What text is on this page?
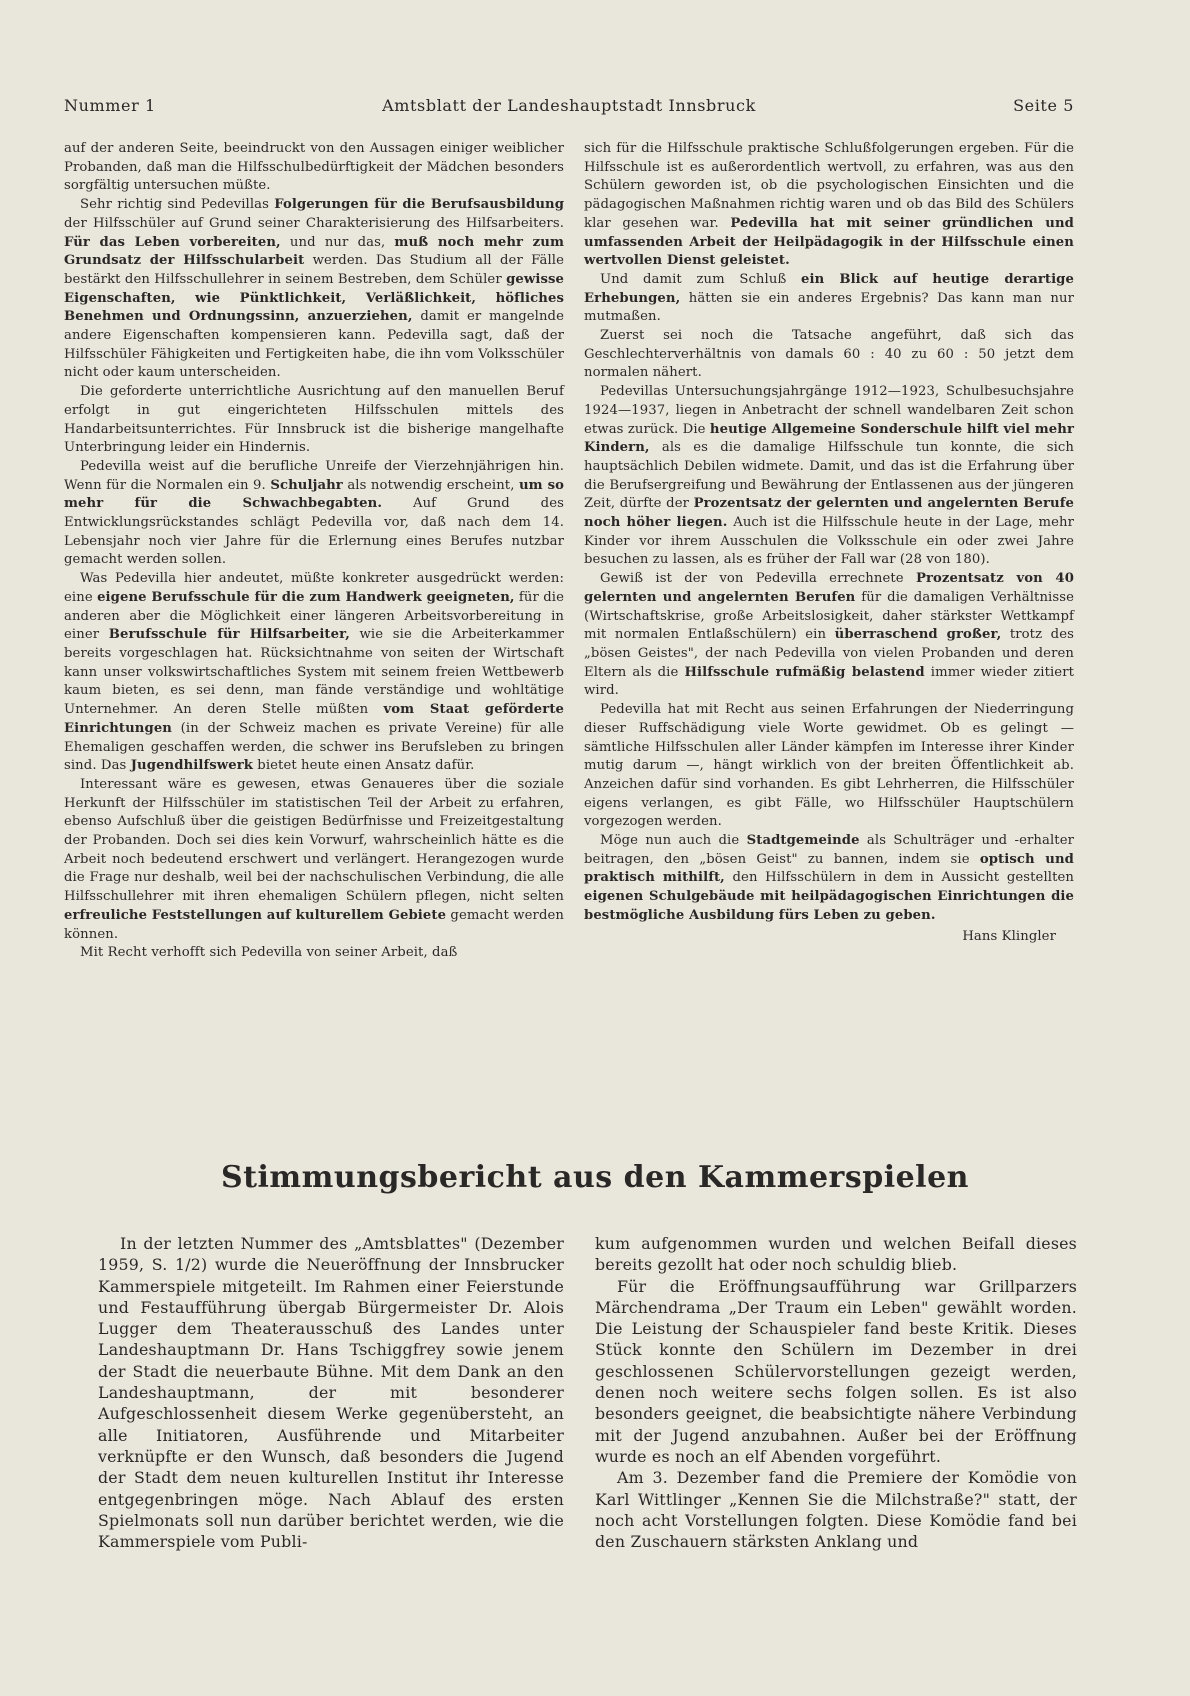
Nummer 1	Amtsblatt der Landeshauptstadt Innsbruck	Seite 5

auf der anderen Seite, beeindruckt von den Aussagen einiger weiblicher Probanden, daß man die Hilfsschulbedürftigkeit der Mädchen besonders sorgfältig untersuchen müßte.

Sehr richtig sind Pedevillas Folgerungen für die Berufsausbildung der Hilfsschüler auf Grund seiner Charakterisierung des Hilfsarbeiters. Für das Leben vorbereiten, und nur das, muß noch mehr zum Grundsatz der Hilfsschularbeit werden. Das Studium all der Fälle bestärkt den Hilfsschullehrer in seinem Bestreben, dem Schüler gewisse Eigenschaften, wie Pünktlichkeit, Verläßlichkeit, höfliches Benehmen und Ordnungssinn, anzuerziehen, damit er mangelnde andere Eigenschaften kompensieren kann. Pedevilla sagt, daß der Hilfsschüler Fähigkeiten und Fertigkeiten habe, die ihn vom Volksschüler nicht oder kaum unterscheiden.

Die geforderte unterrichtliche Ausrichtung auf den manuellen Beruf erfolgt in gut eingerichteten Hilfsschulen mittels des Handarbeitsunterrichtes. Für Innsbruck ist die bisherige mangelhafte Unterbringung leider ein Hindernis.

Pedevilla weist auf die berufliche Unreife der Vierzehnjährigen hin. Wenn für die Normalen ein 9. Schuljahr als notwendig erscheint, um so mehr für die Schwachbegabten. Auf Grund des Entwicklungsrückstandes schlägt Pedevilla vor, daß nach dem 14. Lebensjahr noch vier Jahre für die Erlernung eines Berufes nutzbar gemacht werden sollen.

Was Pedevilla hier andeutet, müßte konkreter ausgedrückt werden: eine eigene Berufsschule für die zum Handwerk geeigneten, für die anderen aber die Möglichkeit einer längeren Arbeitsvorbereitung in einer Berufsschule für Hilfsarbeiter, wie sie die Arbeiterkammer bereits vorgeschlagen hat. Rücksichtnahme von seiten der Wirtschaft kann unser volkswirtschaftliches System mit seinem freien Wettbewerb kaum bieten, es sei denn, man fände verständige und wohltätige Unternehmer. An deren Stelle müßten vom Staat geförderte Einrichtungen (in der Schweiz machen es private Vereine) für alle Ehemaligen geschaffen werden, die schwer ins Berufsleben zu bringen sind. Das Jugendhilfswerk bietet heute einen Ansatz dafür.

Interessant wäre es gewesen, etwas Genaueres über die soziale Herkunft der Hilfsschüler im statistischen Teil der Arbeit zu erfahren, ebenso Aufschluß über die geistigen Bedürfnisse und Freizeitgestaltung der Probanden. Doch sei dies kein Vorwurf, wahrscheinlich hätte es die Arbeit noch bedeutend erschwert und verlängert. Herangezogen wurde die Frage nur deshalb, weil bei der nachschulischen Verbindung, die alle Hilfsschullehrer mit ihren ehemaligen Schülern pflegen, nicht selten erfreuliche Feststellungen auf kulturellem Gebiete gemacht werden können.

Mit Recht verhofft sich Pedevilla von seiner Arbeit, daß

sich für die Hilfsschule praktische Schlußfolgerungen ergeben. Für die Hilfsschule ist es außerordentlich wertvoll, zu erfahren, was aus den Schülern geworden ist, ob die psychologischen Einsichten und die pädagogischen Maßnahmen richtig waren und ob das Bild des Schülers klar gesehen war. Pedevilla hat mit seiner gründlichen und umfassenden Arbeit der Heilpädagogik in der Hilfsschule einen wertvollen Dienst geleistet.

Und damit zum Schluß ein Blick auf heutige derartige Erhebungen, hätten sie ein anderes Ergebnis? Das kann man nur mutmaßen.

Zuerst sei noch die Tatsache angeführt, daß sich das Geschlechterverhältnis von damals 60 : 40 zu 60 : 50 jetzt dem normalen nähert.

Pedevillas Untersuchungsjahrgänge 1912—1923, Schulbesuchsjahre 1924—1937, liegen in Anbetracht der schnell wandelbaren Zeit schon etwas zurück. Die heutige Allgemeine Sonderschule hilft viel mehr Kindern, als es die damalige Hilfsschule tun konnte, die sich hauptsächlich Debilen widmete. Damit, und das ist die Erfahrung über die Berufsergreifung und Bewährung der Entlassenen aus der jüngeren Zeit, dürfte der Prozentsatz der gelernten und angelernten Berufe noch höher liegen. Auch ist die Hilfsschule heute in der Lage, mehr Kinder vor ihrem Ausschulen die Volksschule ein oder zwei Jahre besuchen zu lassen, als es früher der Fall war (28 von 180).

Gewiß ist der von Pedevilla errechnete Prozentsatz von 40 gelernten und angelernten Berufen für die damaligen Verhältnisse (Wirtschaftskrise, große Arbeitslosigkeit, daher stärkster Wettkampf mit normalen Entlaßschülern) ein überraschend großer, trotz des „bösen Geistes", der nach Pedevilla von vielen Probanden und deren Eltern als die Hilfsschule rufmäßig belastend immer wieder zitiert wird.

Pedevilla hat mit Recht aus seinen Erfahrungen der Niederringung dieser Ruffschädigung viele Worte gewidmet. Ob es gelingt — sämtliche Hilfsschulen aller Länder kämpfen im Interesse ihrer Kinder mutig darum —, hängt wirklich von der breiten Öffentlichkeit ab. Anzeichen dafür sind vorhanden. Es gibt Lehrherren, die Hilfsschüler eigens verlangen, es gibt Fälle, wo Hilfsschüler Hauptschülern vorgezogen werden.

Möge nun auch die Stadtgemeinde als Schulträger und -erhalter beitragen, den „bösen Geist" zu bannen, indem sie optisch und praktisch mithilft, den Hilfsschülern in dem in Aussicht gestellten eigenen Schulgebäude mit heilpädagogischen Einrichtungen die bestmögliche Ausbildung fürs Leben zu geben.

Hans Klingler
Stimmungsbericht aus den Kammerspielen

In der letzten Nummer des „Amtsblattes" (Dezember 1959, S. 1/2) wurde die Neueröffnung der Innsbrucker Kammerspiele mitgeteilt. Im Rahmen einer Feierstunde und Festaufführung übergab Bürgermeister Dr. Alois Lugger dem Theaterausschuß des Landes unter Landeshauptmann Dr. Hans Tschiggfrey sowie jenem der Stadt die neuerbaute Bühne. Mit dem Dank an den Landeshauptmann, der mit besonderer Aufgeschlossenheit diesem Werke gegenübersteht, an alle Initiatoren, Ausführende und Mitarbeiter verknüpfte er den Wunsch, daß besonders die Jugend der Stadt dem neuen kulturellen Institut ihr Interesse entgegenbringen möge. Nach Ablauf des ersten Spielmonats soll nun darüber berichtet werden, wie die Kammerspiele vom Publi-

kum aufgenommen wurden und welchen Beifall dieses bereits gezollt hat oder noch schuldig blieb.

Für die Eröffnungsaufführung war Grillparzers Märchendrama „Der Traum ein Leben" gewählt worden. Die Leistung der Schauspieler fand beste Kritik. Dieses Stück konnte den Schülern im Dezember in drei geschlossenen Schülervorstellungen gezeigt werden, denen noch weitere sechs folgen sollen. Es ist also besonders geeignet, die beabsichtigte nähere Verbindung mit der Jugend anzubahnen. Außer bei der Eröffnung wurde es noch an elf Abenden vorgeführt.

Am 3. Dezember fand die Premiere der Komödie von Karl Wittlinger „Kennen Sie die Milchstraße?" statt, der noch acht Vorstellungen folgten. Diese Komödie fand bei den Zuschauern stärksten Anklang und
